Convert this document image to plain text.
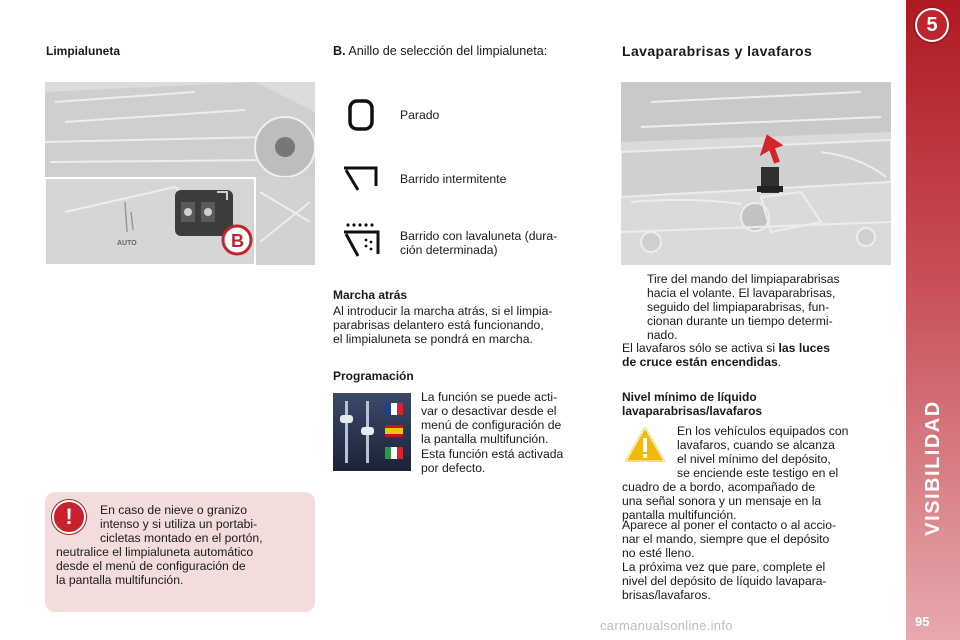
Limpialuneta
B
AUTO
!	En caso de nieve o granizo
intenso y si utiliza un portabi-
cicletas montado en el portón,
neutralice el limpialuneta automático
desde el menú de configuración de
la pantalla multifunción.
B. Anillo de selección del limpialuneta:
Parado
Barrido intermitente
Barrido con lavaluneta (dura-
ción determinada)
Marcha atrás
Al introducir la marcha atrás, si el limpia-
parabrisas delantero está funcionando,
el limpialuneta se pondrá en marcha.
Programación
La función se puede acti-
var o desactivar desde el
menú de configuración de
la pantalla multifunción.
Esta función está activada
por defecto.
Lavaparabrisas y lavafaros
Tire del mando del limpiaparabrisas
hacia el volante. El lavaparabrisas,
seguido del limpiaparabrisas, fun-
cionan durante un tiempo determi-
nado.
El lavafaros sólo se activa si las luces
de cruce están encendidas.
Nivel mínimo de líquido
lavaparabrisas/lavafaros
En los vehículos equipados con
lavafaros, cuando se alcanza
el nivel mínimo del depósito,
se enciende este testigo en el
cuadro de a bordo, acompañado de
una señal sonora y un mensaje en la
pantalla multifunción.
Aparece al poner el contacto o al accio-
nar el mando, siempre que el depósito
no esté lleno.
La próxima vez que pare, complete el
nivel del depósito de líquido lavapara-
brisas/lavafaros.
5
VISIBILIDAD
95
carmanualsonline.info
